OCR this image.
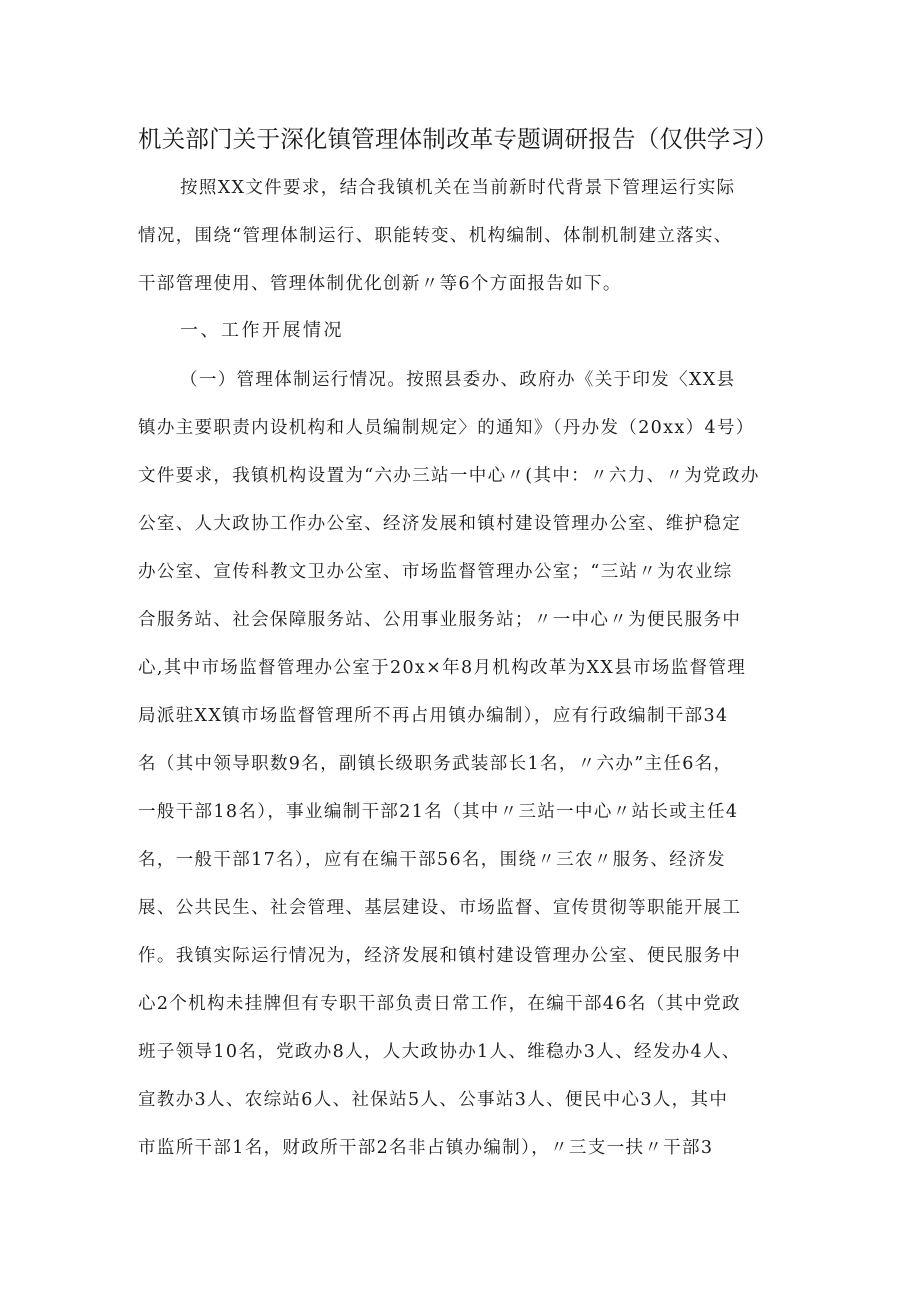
机关部门关于深化镇管理体制改革专题调研报告（仅供学习）
按照XX文件要求，结合我镇机关在当前新时代背景下管理运行实际
情况，围绕“管理体制运行、职能转变、机构编制、体制机制建立落实、
干部管理使用、管理体制优化创新〃等6个方面报告如下。
一、工作开展情况
（一）管理体制运行情况。按照县委办、政府办《关于印发〈XX县
镇办主要职责内设机构和人员编制规定〉的通知》（丹办发（20xx）4号）
文件要求，我镇机构设置为“六办三站一中心〃(其中：〃六力、〃为党政办
公室、人大政协工作办公室、经济发展和镇村建设管理办公室、维护稳定
办公室、宣传科教文卫办公室、市场监督管理办公室；“三站〃为农业综
合服务站、社会保障服务站、公用事业服务站；〃一中心〃为便民服务中
心,其中市场监督管理办公室于20x×年8月机构改革为XX县市场监督管理
局派驻XX镇市场监督管理所不再占用镇办编制），应有行政编制干部34
名（其中领导职数9名，副镇长级职务武装部长1名，〃六办”主任6名，
一般干部18名），事业编制干部21名（其中〃三站一中心〃站长或主任4
名，一般干部17名），应有在编干部56名，围绕〃三农〃服务、经济发
展、公共民生、社会管理、基层建设、市场监督、宣传贯彻等职能开展工
作。我镇实际运行情况为，经济发展和镇村建设管理办公室、便民服务中
心2个机构未挂牌但有专职干部负责日常工作，在编干部46名（其中党政
班子领导10名，党政办8人，人大政协办1人、维稳办3人、经发办4人、
宣教办3人、农综站6人、社保站5人、公事站3人、便民中心3人，其中
市监所干部1名，财政所干部2名非占镇办编制），〃三支一扶〃干部3
